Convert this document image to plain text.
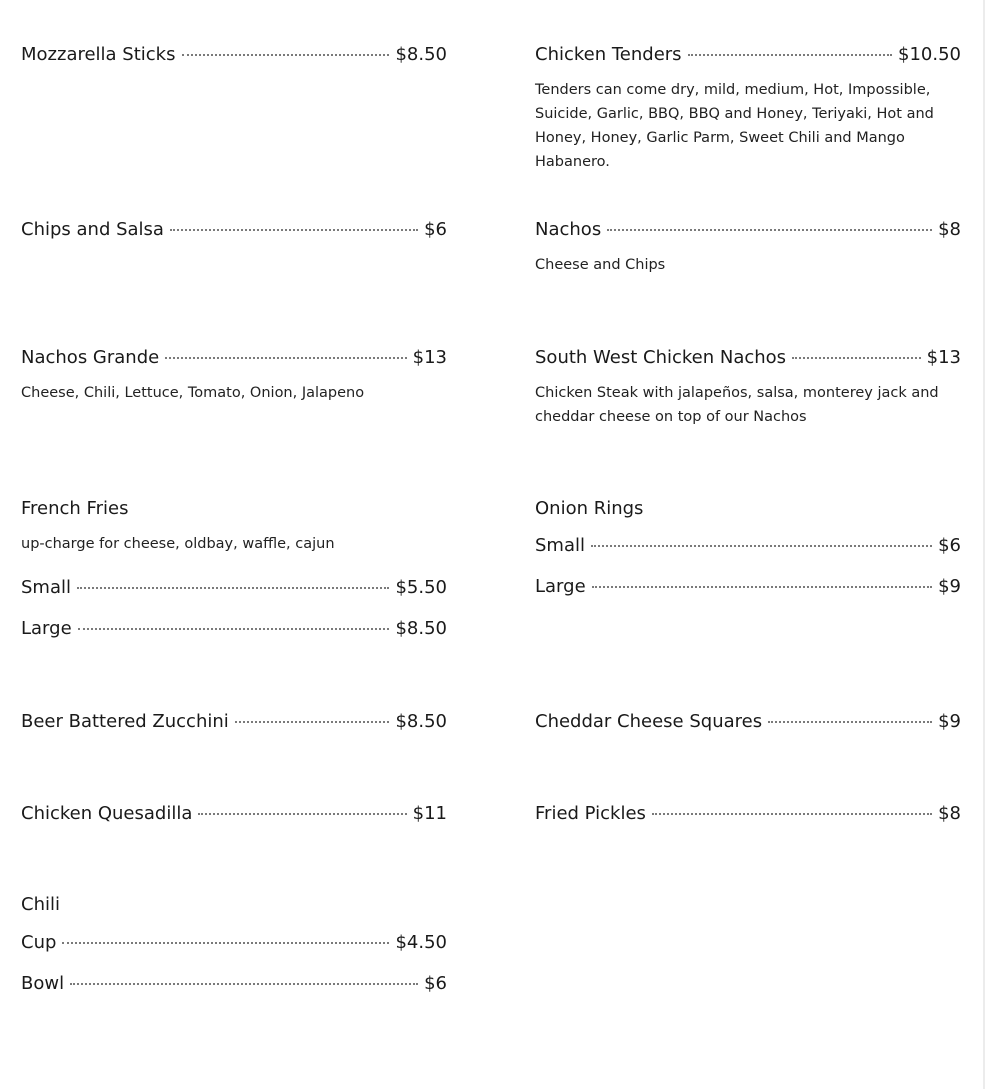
Mozzarella Sticks	$8.50
Chips and Salsa	$6
Nachos Grande	$13
Cheese, Chili, Lettuce, Tomato, Onion, Jalapeno
French Fries
up-charge for cheese, oldbay, waffle, cajun
Small	$5.50
Large	$8.50
Beer Battered Zucchini	$8.50
Chicken Quesadilla	$11
Chili
Cup	$4.50
Bowl	$6
Chicken Tenders	$10.50
Tenders can come dry, mild, medium, Hot, Impossible, Suicide, Garlic, BBQ, BBQ and Honey, Teriyaki, Hot and Honey, Honey, Garlic Parm, Sweet Chili and Mango Habanero.
Nachos	$8
Cheese and Chips
South West Chicken Nachos	$13
Chicken Steak with jalapeños, salsa, monterey jack and cheddar cheese on top of our Nachos
Onion Rings
Small	$6
Large	$9
Cheddar Cheese Squares	$9
Fried Pickles	$8
